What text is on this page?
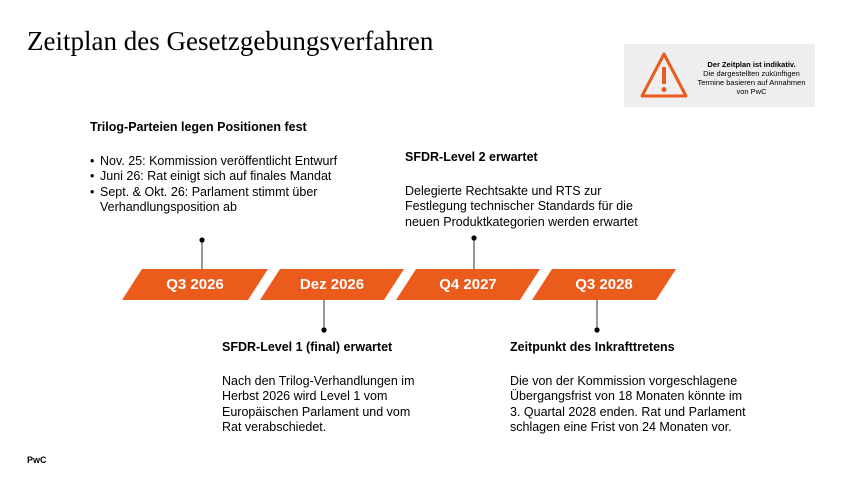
Zeitplan des Gesetzgebungsverfahren
Der Zeitplan ist indikativ.
Die dargestellten zukünftigen Termine basieren auf Annahmen von PwC
Trilog-Parteien legen Positionen fest
• Nov. 25: Kommission veröffentlicht Entwurf
• Juni 26: Rat einigt sich auf finales Mandat
• Sept. & Okt. 26: Parlament stimmt über Verhandlungsposition ab
SFDR-Level 2 erwartet

Delegierte Rechtsakte und RTS zur Festlegung technischer Standards für die neuen Produktkategorien werden erwartet

SFDR-Level 1 (final) erwartet

Nach den Trilog-Verhandlungen im Herbst 2026 wird Level 1 vom Europäischen Parlament und vom Rat verabschiedet.

Zeitpunkt des Inkrafttretens

Die von der Kommission vorgeschlagene Übergangsfrist von 18 Monaten könnte im 3. Quartal 2028 enden. Rat und Parlament schlagen eine Frist von 24 Monaten vor.

Q3 2026	Dez 2026	Q4 2027	Q3 2028
PwC
